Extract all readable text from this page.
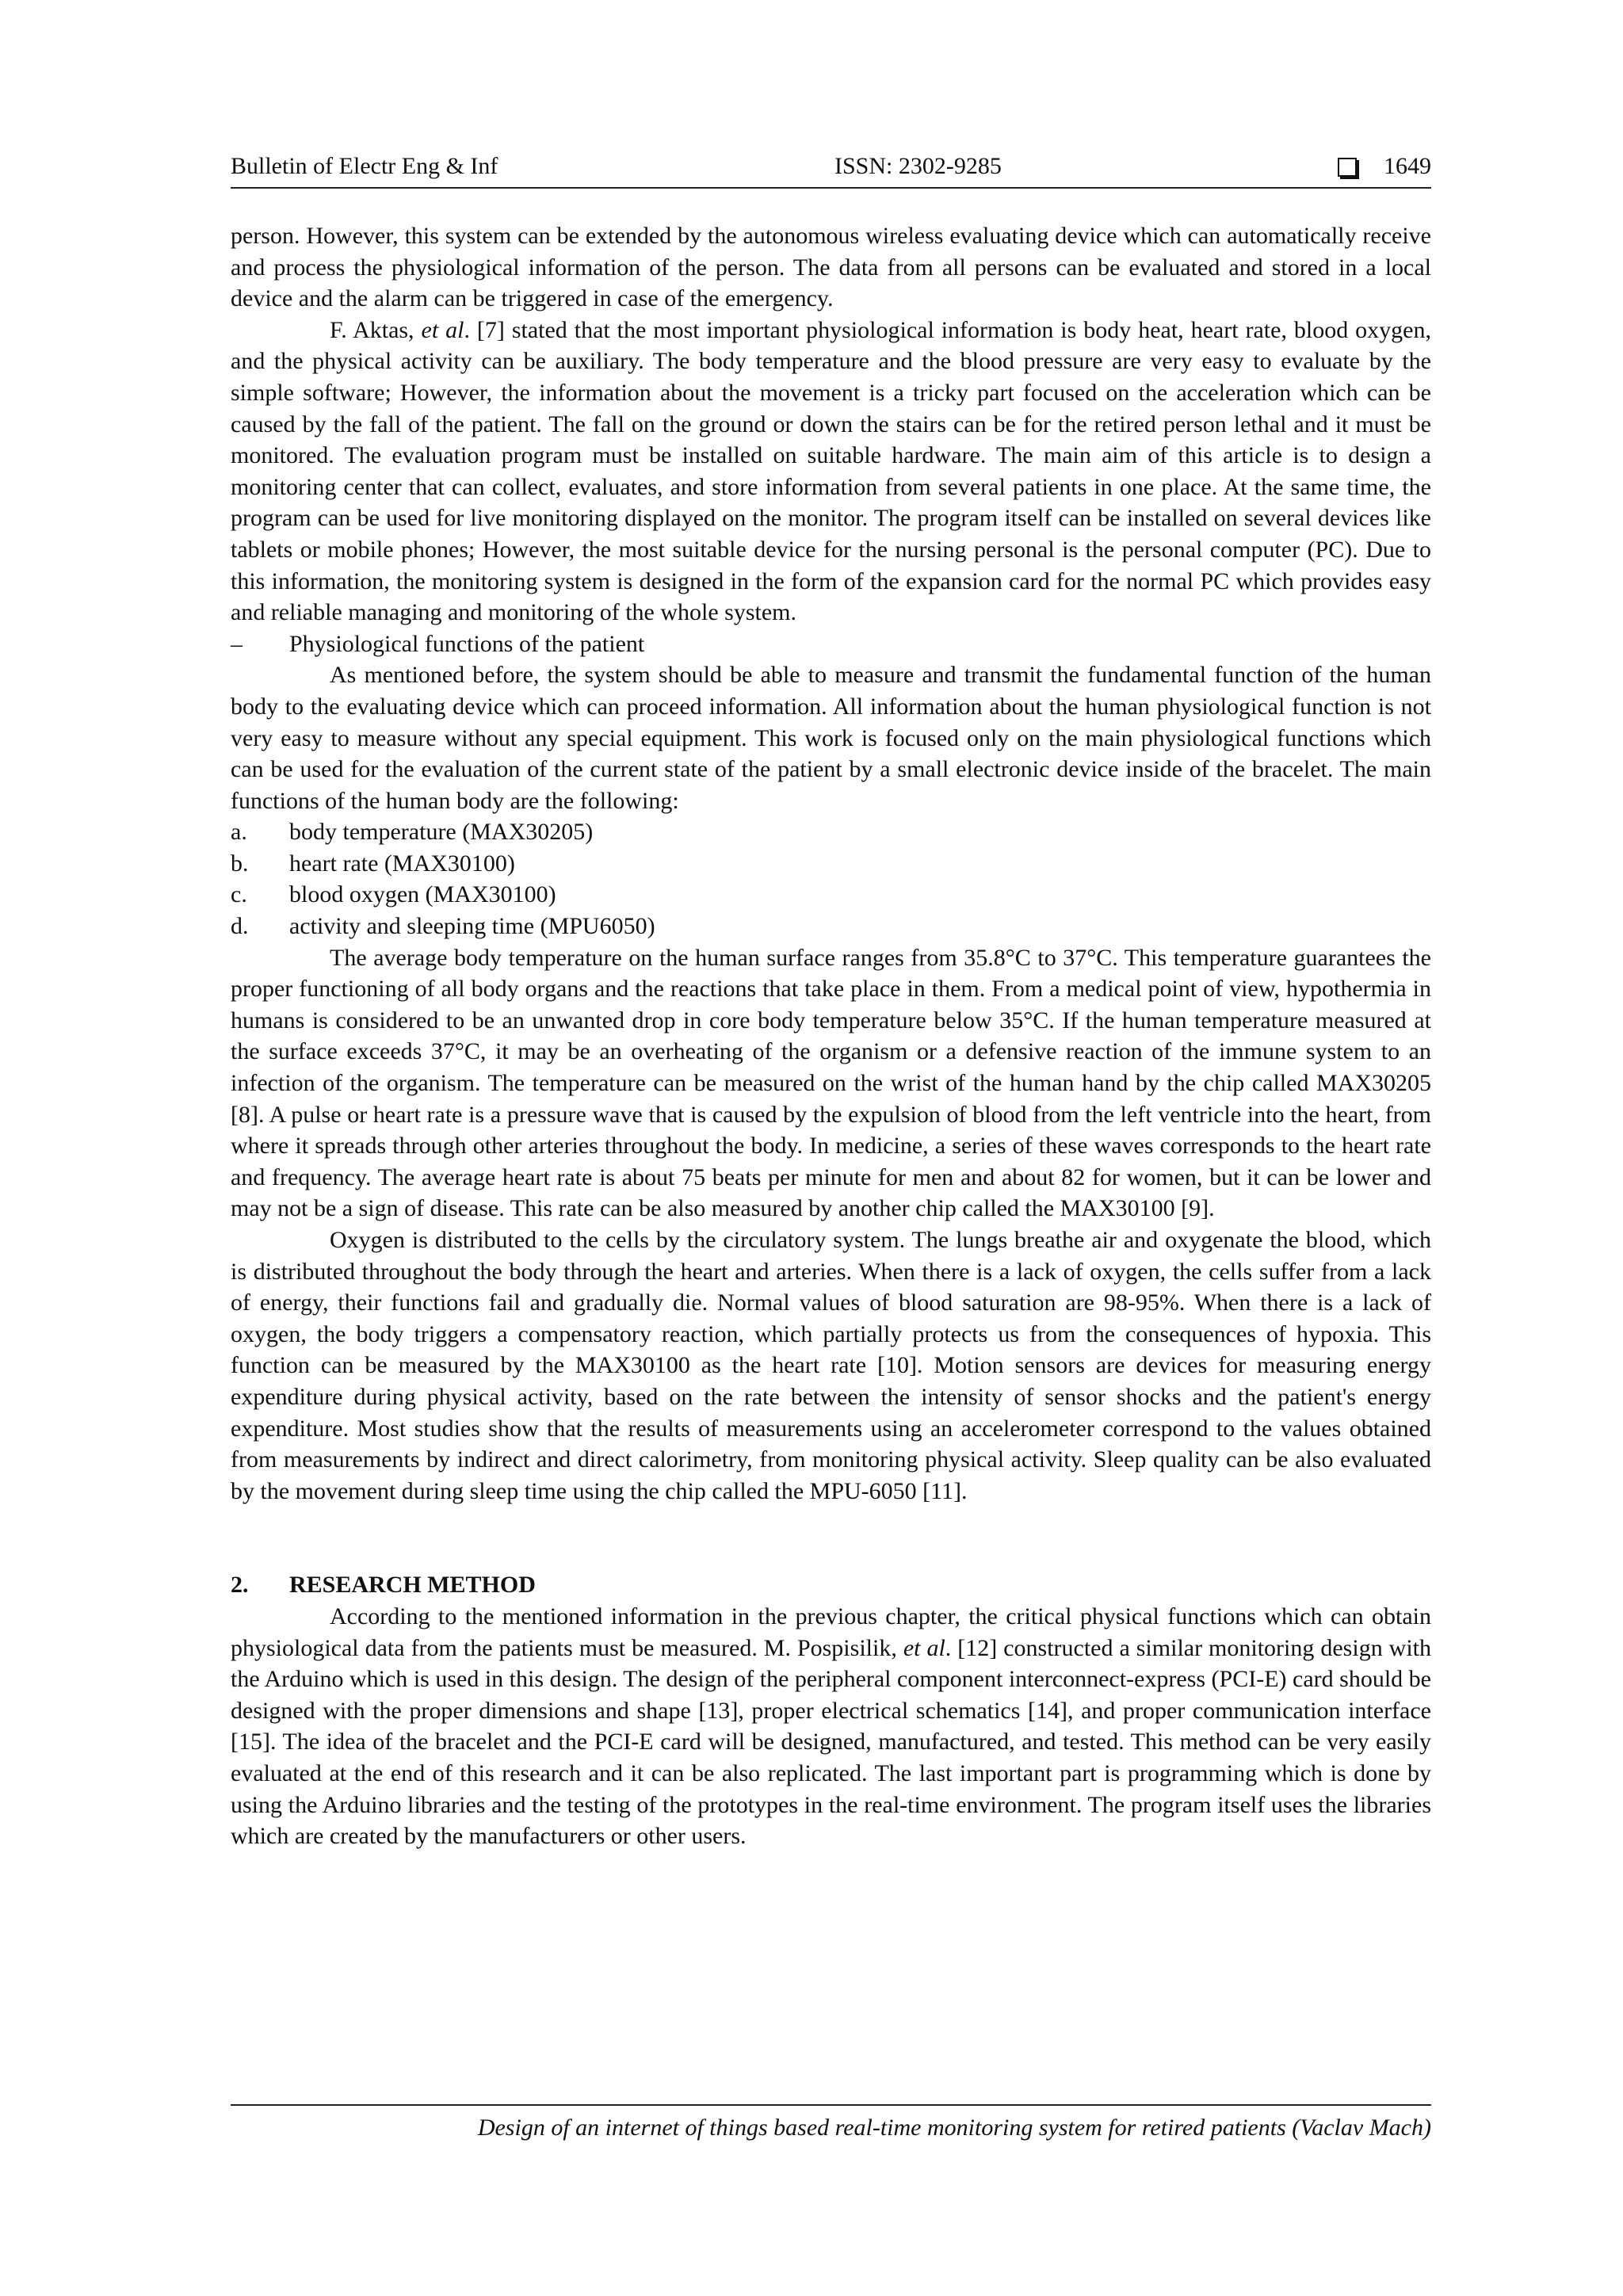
Bulletin of Electr Eng & Inf	ISSN: 2302-9285	1649

person. However, this system can be extended by the autonomous wireless evaluating device which can automatically receive and process the physiological information of the person. The data from all persons can be evaluated and stored in a local device and the alarm can be triggered in case of the emergency.

F. Aktas, et al. [7] stated that the most important physiological information is body heat, heart rate, blood oxygen, and the physical activity can be auxiliary. The body temperature and the blood pressure are very easy to evaluate by the simple software; However, the information about the movement is a tricky part focused on the acceleration which can be caused by the fall of the patient. The fall on the ground or down the stairs can be for the retired person lethal and it must be monitored. The evaluation program must be installed on suitable hardware. The main aim of this article is to design a monitoring center that can collect, evaluates, and store information from several patients in one place. At the same time, the program can be used for live monitoring displayed on the monitor. The program itself can be installed on several devices like tablets or mobile phones; However, the most suitable device for the nursing personal is the personal computer (PC). Due to this information, the monitoring system is designed in the form of the expansion card for the normal PC which provides easy and reliable managing and monitoring of the whole system.

–	Physiological functions of the patient

As mentioned before, the system should be able to measure and transmit the fundamental function of the human body to the evaluating device which can proceed information. All information about the human physiological function is not very easy to measure without any special equipment. This work is focused only on the main physiological functions which can be used for the evaluation of the current state of the patient by a small electronic device inside of the bracelet. The main functions of the human body are the following:

a.	body temperature (MAX30205)
b.	heart rate (MAX30100)
c.	blood oxygen (MAX30100)
d.	activity and sleeping time (MPU6050)

The average body temperature on the human surface ranges from 35.8°C to 37°C. This temperature guarantees the proper functioning of all body organs and the reactions that take place in them. From a medical point of view, hypothermia in humans is considered to be an unwanted drop in core body temperature below 35°C. If the human temperature measured at the surface exceeds 37°C, it may be an overheating of the organism or a defensive reaction of the immune system to an infection of the organism. The temperature can be measured on the wrist of the human hand by the chip called MAX30205 [8]. A pulse or heart rate is a pressure wave that is caused by the expulsion of blood from the left ventricle into the heart, from where it spreads through other arteries throughout the body. In medicine, a series of these waves corresponds to the heart rate and frequency. The average heart rate is about 75 beats per minute for men and about 82 for women, but it can be lower and may not be a sign of disease. This rate can be also measured by another chip called the MAX30100 [9].

Oxygen is distributed to the cells by the circulatory system. The lungs breathe air and oxygenate the blood, which is distributed throughout the body through the heart and arteries. When there is a lack of oxygen, the cells suffer from a lack of energy, their functions fail and gradually die. Normal values of blood saturation are 98-95%. When there is a lack of oxygen, the body triggers a compensatory reaction, which partially protects us from the consequences of hypoxia. This function can be measured by the MAX30100 as the heart rate [10]. Motion sensors are devices for measuring energy expenditure during physical activity, based on the rate between the intensity of sensor shocks and the patient's energy expenditure. Most studies show that the results of measurements using an accelerometer correspond to the values obtained from measurements by indirect and direct calorimetry, from monitoring physical activity. Sleep quality can be also evaluated by the movement during sleep time using the chip called the MPU-6050 [11].

2.	RESEARCH METHOD

According to the mentioned information in the previous chapter, the critical physical functions which can obtain physiological data from the patients must be measured. M. Pospisilik, et al. [12] constructed a similar monitoring design with the Arduino which is used in this design. The design of the peripheral component interconnect-express (PCI-E) card should be designed with the proper dimensions and shape [13], proper electrical schematics [14], and proper communication interface [15]. The idea of the bracelet and the PCI-E card will be designed, manufactured, and tested. This method can be very easily evaluated at the end of this research and it can be also replicated. The last important part is programming which is done by using the Arduino libraries and the testing of the prototypes in the real-time environment. The program itself uses the libraries which are created by the manufacturers or other users.

Design of an internet of things based real-time monitoring system for retired patients (Vaclav Mach)
